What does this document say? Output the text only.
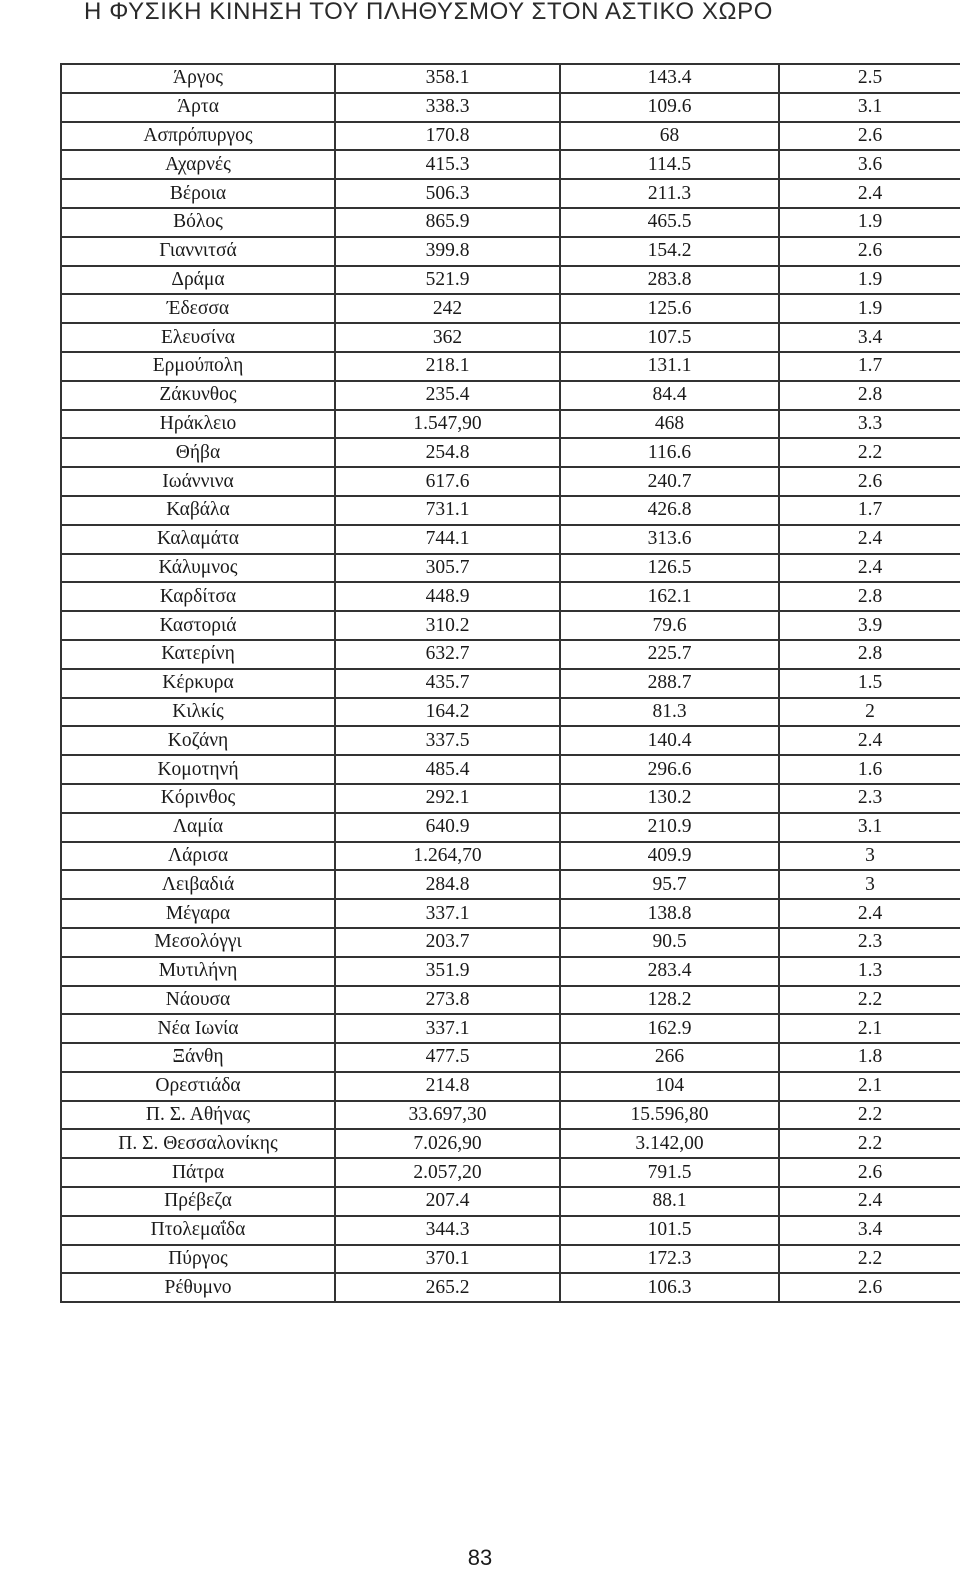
Η ΦΥΣΙΚΗ ΚΙΝΗΣΗ ΤΟΥ ΠΛΗΘΥΣΜΟΥ ΣΤΟΝ ΑΣΤΙΚΟ ΧΩΡΟ
Άργος	358.1	143.4	2.5
Άρτα	338.3	109.6	3.1
Ασπρόπυργος	170.8	68	2.6
Αχαρνές	415.3	114.5	3.6
Βέροια	506.3	211.3	2.4
Βόλος	865.9	465.5	1.9
Γιαννιτσά	399.8	154.2	2.6
Δράμα	521.9	283.8	1.9
Έδεσσα	242	125.6	1.9
Ελευσίνα	362	107.5	3.4
Ερμούπολη	218.1	131.1	1.7
Ζάκυνθος	235.4	84.4	2.8
Ηράκλειο	1.547,90	468	3.3
Θήβα	254.8	116.6	2.2
Ιωάννινα	617.6	240.7	2.6
Καβάλα	731.1	426.8	1.7
Καλαμάτα	744.1	313.6	2.4
Κάλυμνος	305.7	126.5	2.4
Καρδίτσα	448.9	162.1	2.8
Καστοριά	310.2	79.6	3.9
Κατερίνη	632.7	225.7	2.8
Κέρκυρα	435.7	288.7	1.5
Κιλκίς	164.2	81.3	2
Κοζάνη	337.5	140.4	2.4
Κομοτηνή	485.4	296.6	1.6
Κόρινθος	292.1	130.2	2.3
Λαμία	640.9	210.9	3.1
Λάρισα	1.264,70	409.9	3
Λειβαδιά	284.8	95.7	3
Μέγαρα	337.1	138.8	2.4
Μεσολόγγι	203.7	90.5	2.3
Μυτιλήνη	351.9	283.4	1.3
Νάουσα	273.8	128.2	2.2
Νέα Ιωνία	337.1	162.9	2.1
Ξάνθη	477.5	266	1.8
Ορεστιάδα	214.8	104	2.1
Π. Σ. Αθήνας	33.697,30	15.596,80	2.2
Π. Σ. Θεσσαλονίκης	7.026,90	3.142,00	2.2
Πάτρα	2.057,20	791.5	2.6
Πρέβεζα	207.4	88.1	2.4
Πτολεμαΐδα	344.3	101.5	3.4
Πύργος	370.1	172.3	2.2
Ρέθυμνο	265.2	106.3	2.6
83
